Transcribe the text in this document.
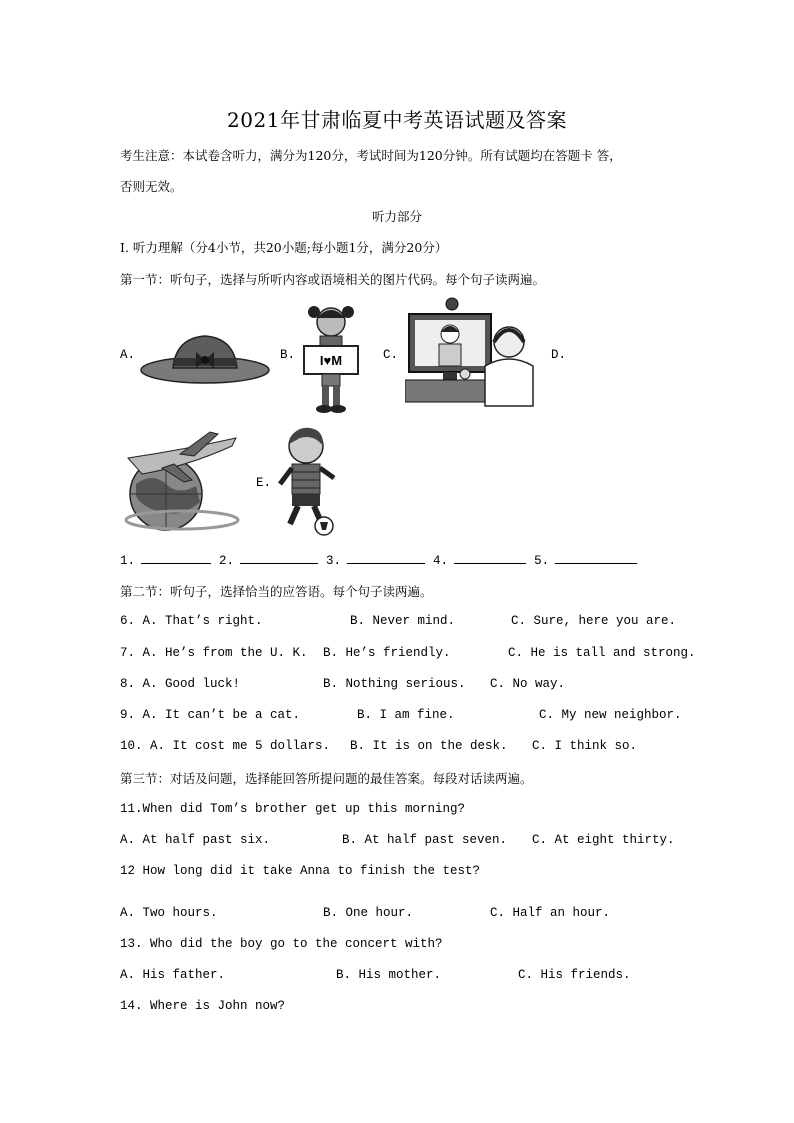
2021年甘肃临夏中考英语试题及答案
考生注意：本试卷含听力，满分为120分，考试时间为120分钟。所有试题均在答题卡 答，
否则无效。
听力部分
I. 听力理解（分4小节，共20小题;每小题1分，满分20分）
第一节：听句子，选择与所听内容或语境相关的图片代码。每个句子读两遍。
A.	B. I♥M	C.	D.
E.
1.	2.	3.	4.	5.
第二节：听句子，选择恰当的应答语。每个句子读两遍。
6. A. That’s right.	B. Never mind.	C. Sure, here you are.
7. A. He’s from the U. K. B. He’s friendly.	C. He is tall and strong.
8. A. Good luck!	B. Nothing serious. C. No way.
9. A. It can’t be a cat.	B. I am fine.	C. My new neighbor.
10. A. It cost me 5 dollars. B. It is on the desk. C. I think so.
第三节：对话及问题，选择能回答所提问题的最佳答案。每段对话读两遍。
11.When did Tom’s brother get up this morning?
A. At half past six.	B. At half past seven. C. At eight thirty.
12 How long did it take Anna to finish the test?
A. Two hours.	B. One hour.	C. Half an hour.
13. Who did the boy go to the concert with?
A. His father.	B. His mother.	C. His friends.
14. Where is John now?
